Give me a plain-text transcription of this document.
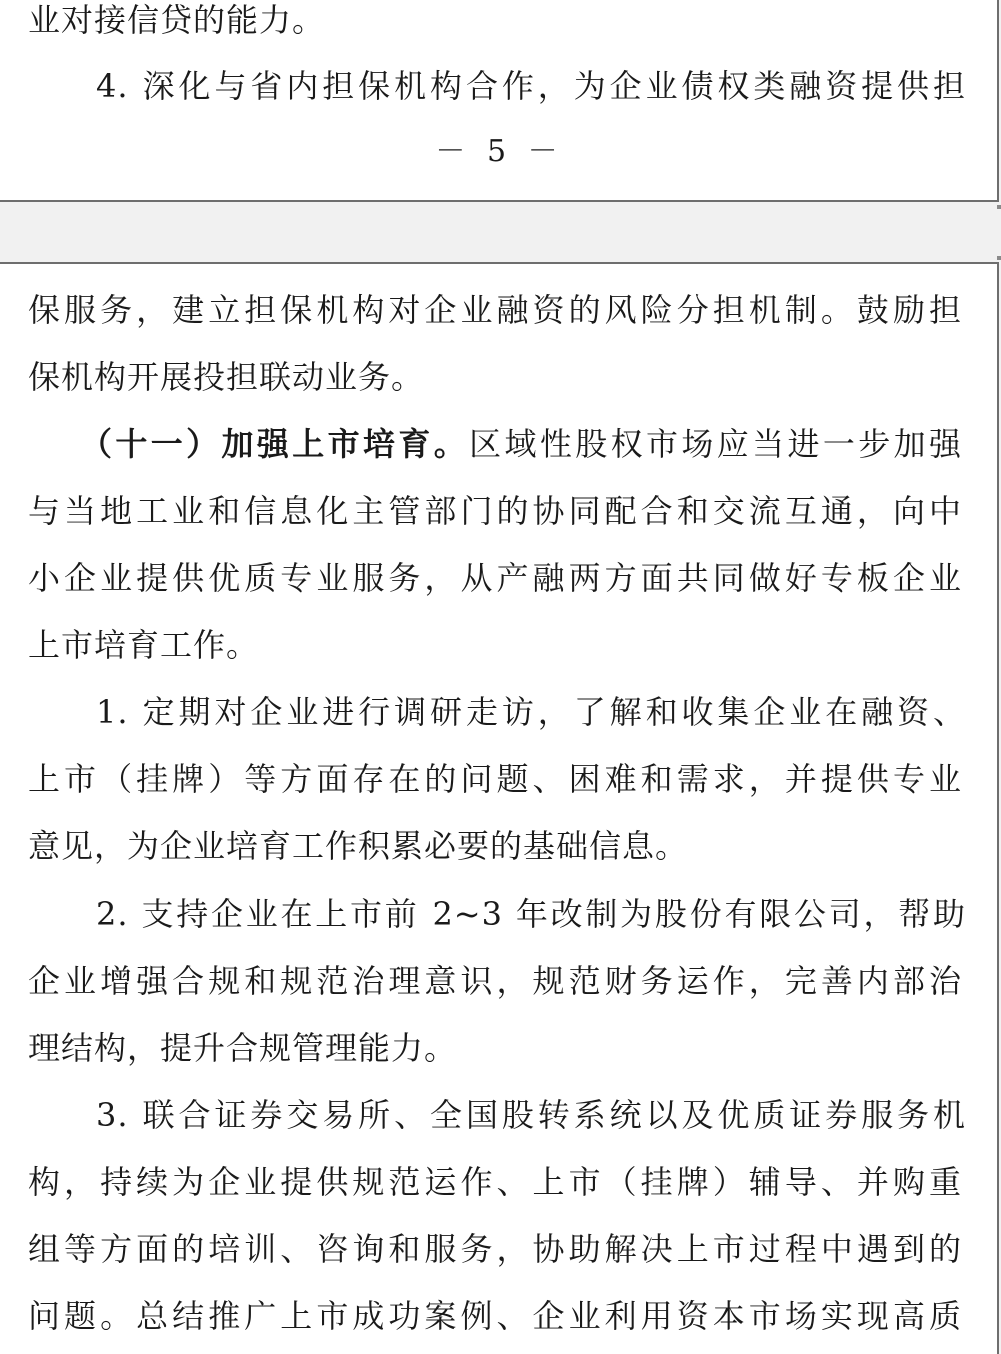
业对接信贷的能力。

4. 深化与省内担保机构合作，为企业债权类融资提供担

－ 5 －

保服务，建立担保机构对企业融资的风险分担机制。鼓励担

保机构开展投担联动业务。

（十一）加强上市培育。区域性股权市场应当进一步加强

与当地工业和信息化主管部门的协同配合和交流互通，向中

小企业提供优质专业服务，从产融两方面共同做好专板企业

上市培育工作。

1. 定期对企业进行调研走访，了解和收集企业在融资、

上市（挂牌）等方面存在的问题、困难和需求，并提供专业

意见，为企业培育工作积累必要的基础信息。

2. 支持企业在上市前 2~3 年改制为股份有限公司，帮助

企业增强合规和规范治理意识，规范财务运作，完善内部治

理结构，提升合规管理能力。

3. 联合证券交易所、全国股转系统以及优质证券服务机

构，持续为企业提供规范运作、上市（挂牌）辅导、并购重

组等方面的培训、咨询和服务，协助解决上市过程中遇到的

问题。总结推广上市成功案例、企业利用资本市场实现高质
